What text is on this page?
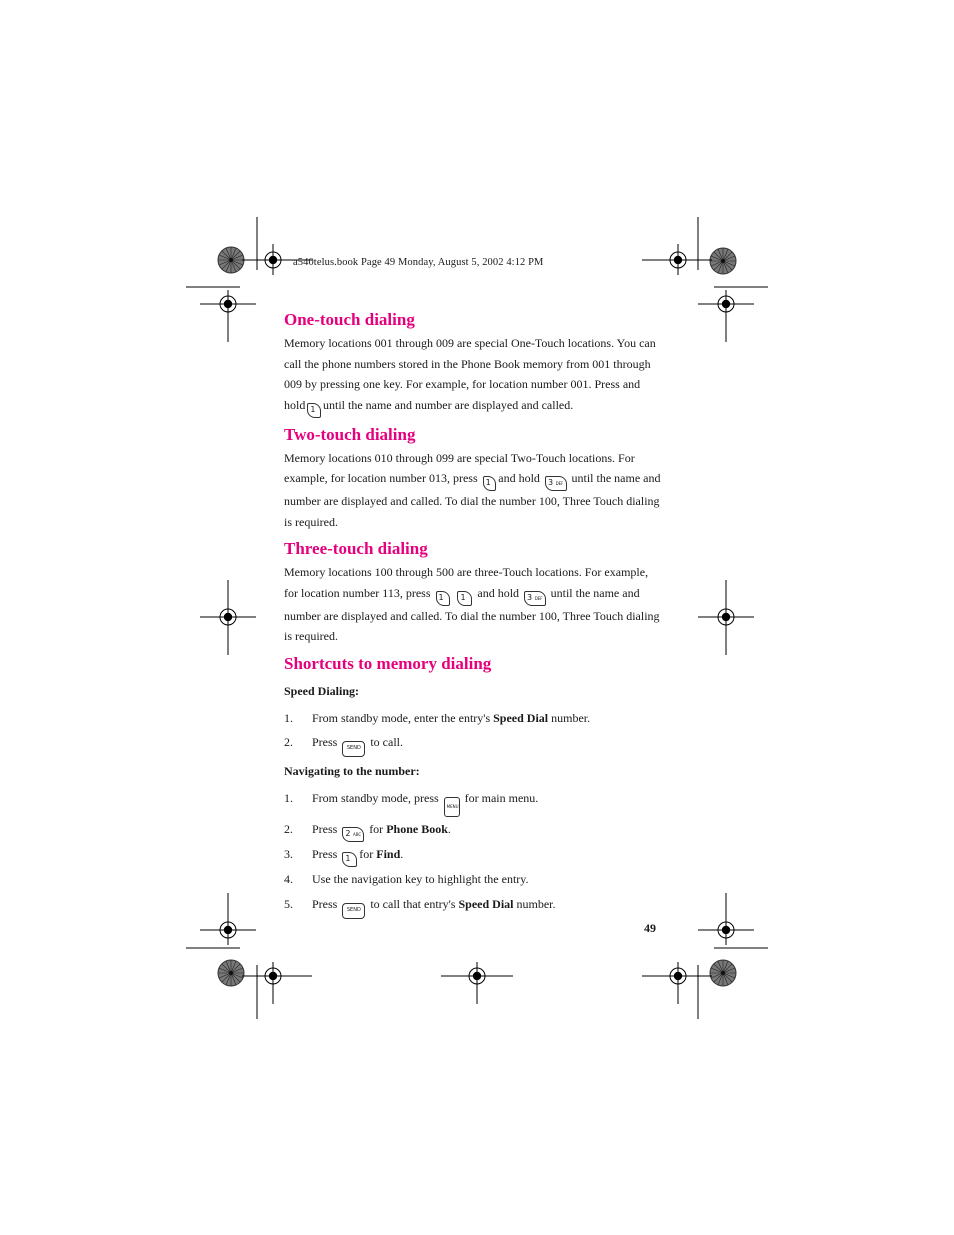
a540telus.book Page 49 Monday, August 5, 2002 4:12 PM
One-touch dialing

Memory locations 001 through 009 are special One-Touch locations. You can call the phone numbers stored in the Phone Book memory from 001 through 009 by pressing one key. For example, for location number 001. Press and hold 1 until the name and number are displayed and called.

Two-touch dialing

Memory locations 010 through 099 are special Two-Touch locations. For example, for location number 013, press 1 and hold 3 DEF until the name and number are displayed and called. To dial the number 100, Three Touch dialing is required.

Three-touch dialing

Memory locations 100 through 500 are three-Touch locations. For example, for location number 113, press 1 1 and hold 3 DEF until the name and number are displayed and called. To dial the number 100, Three Touch dialing is required.

Shortcuts to memory dialing
Speed Dialing:
1. From standby mode, enter the entry's Speed Dial number.
2. Press SEND to call.
Navigating to the number:
1. From standby mode, press MENU for main menu.
2. Press 2 ABC for Phone Book.
3. Press 1 for Find.
4. Use the navigation key to highlight the entry.
5. Press SEND to call that entry's Speed Dial number.
49
